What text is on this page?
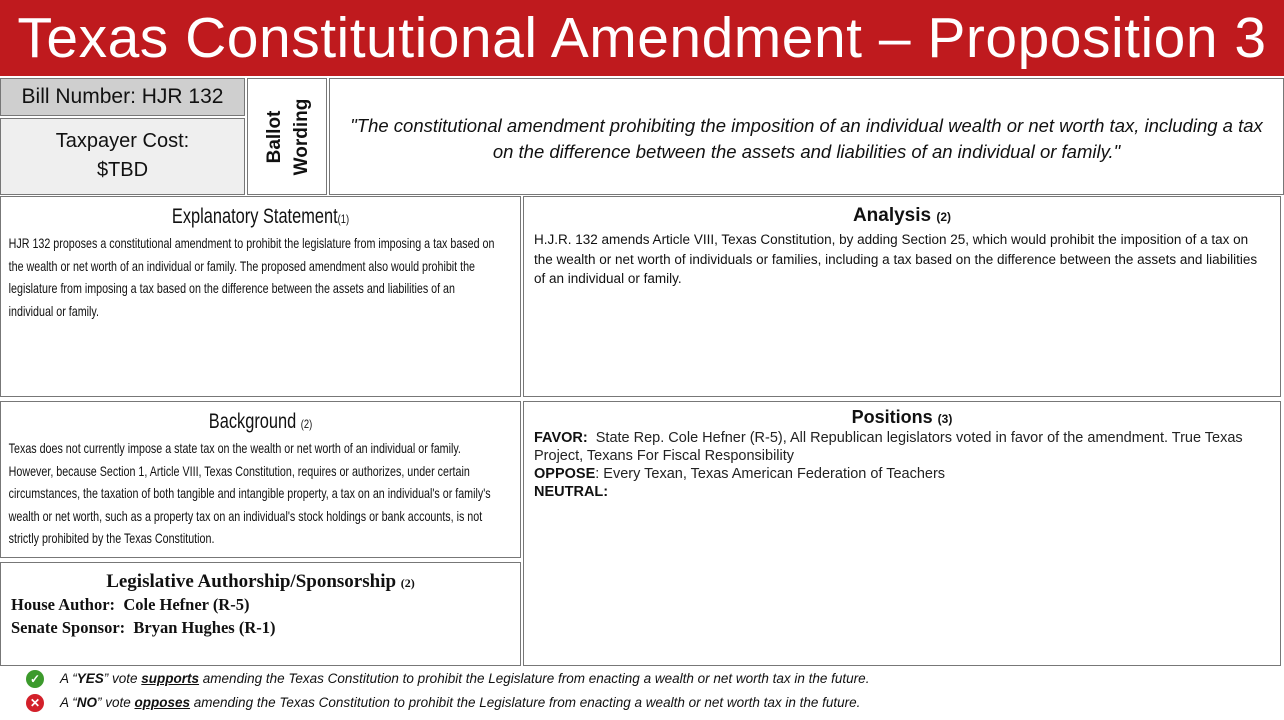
Texas Constitutional Amendment – Proposition 3
Bill Number: HJR 132
Taxpayer Cost:
$TBD
Ballot Wording	"The constitutional amendment prohibiting the imposition of an individual wealth or net worth tax, including a tax on the difference between the assets and liabilities of an individual or family."
Explanatory Statement(1)
HJR 132 proposes a constitutional amendment to prohibit the legislature from imposing a tax based on the wealth or net worth of an individual or family. The proposed amendment also would prohibit the legislature from imposing a tax based on the difference between the assets and liabilities of an individual or family.
Analysis (2)
H.J.R. 132 amends Article VIII, Texas Constitution, by adding Section 25, which would prohibit the imposition of a tax on the wealth or net worth of individuals or families, including a tax based on the difference between the assets and liabilities of an individual or family.
Background (2)
Texas does not currently impose a state tax on the wealth or net worth of an individual or family. However, because Section 1, Article VIII, Texas Constitution, requires or authorizes, under certain circumstances, the taxation of both tangible and intangible property, a tax on an individual's or family's wealth or net worth, such as a property tax on an individual's stock holdings or bank accounts, is not strictly prohibited by the Texas Constitution.
Legislative Authorship/Sponsorship (2)
House Author: Cole Hefner (R-5)
Senate Sponsor: Bryan Hughes (R-1)
Positions (3)
FAVOR: State Rep. Cole Hefner (R-5), All Republican legislators voted in favor of the amendment. True Texas Project, Texans For Fiscal Responsibility
OPPOSE: Every Texan, Texas American Federation of Teachers
NEUTRAL:
✓ A “YES” vote supports amending the Texas Constitution to prohibit the Legislature from enacting a wealth or net worth tax in the future.
✕ A “NO” vote opposes amending the Texas Constitution to prohibit the Legislature from enacting a wealth or net worth tax in the future.
